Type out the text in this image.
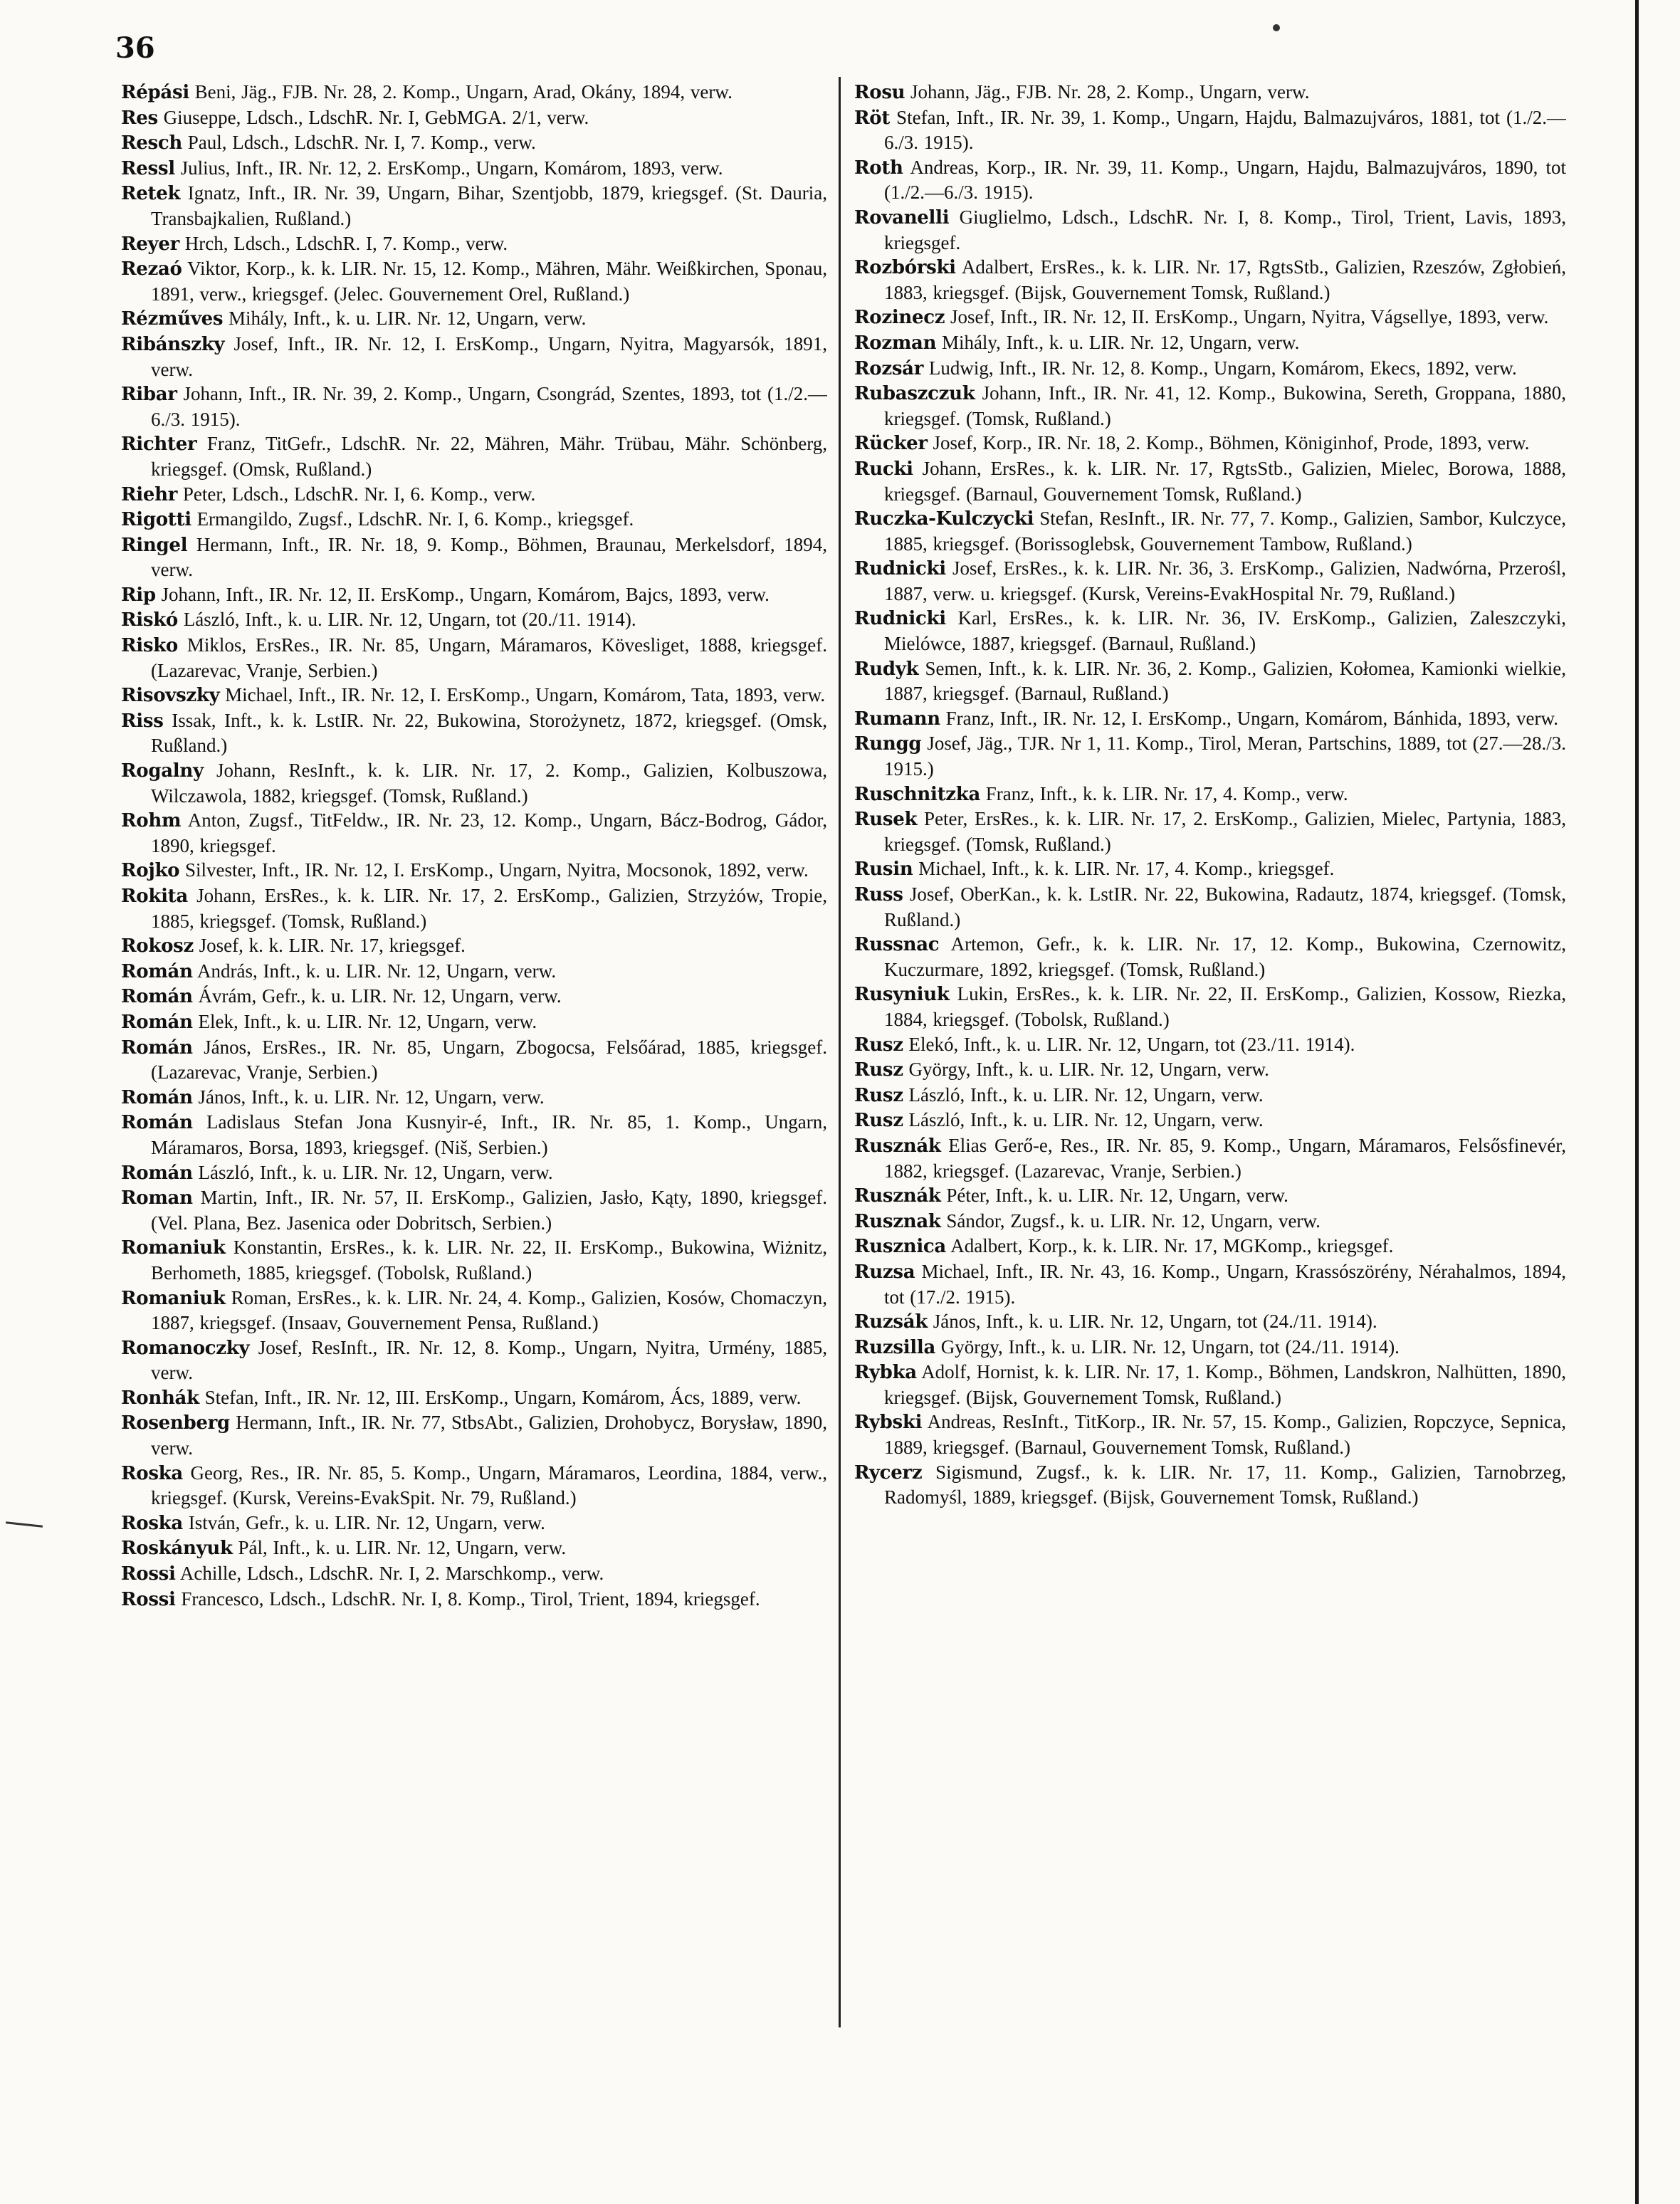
36

Répási Beni, Jäg., FJB. Nr. 28, 2. Komp., Ungarn, Arad, Okány, 1894, verw.

Res Giuseppe, Ldsch., LdschR. Nr. I, GebMGA. 2/1, verw.

Resch Paul, Ldsch., LdschR. Nr. I, 7. Komp., verw.

Ressl Julius, Inft., IR. Nr. 12, 2. ErsKomp., Ungarn, Komárom, 1893, verw.

Retek Ignatz, Inft., IR. Nr. 39, Ungarn, Bihar, Szentjobb, 1879, kriegsgef. (St. Dauria, Transbajkalien, Rußland.)

Reyer Hrch, Ldsch., LdschR. I, 7. Komp., verw.

Rezaó Viktor, Korp., k. k. LIR. Nr. 15, 12. Komp., Mähren, Mähr. Weißkirchen, Sponau, 1891, verw., kriegsgef. (Jelec. Gouvernement Orel, Rußland.)

Rézműves Mihály, Inft., k. u. LIR. Nr. 12, Ungarn, verw.

Ribánszky Josef, Inft., IR. Nr. 12, I. ErsKomp., Ungarn, Nyitra, Magyarsók, 1891, verw.

Ribar Johann, Inft., IR. Nr. 39, 2. Komp., Ungarn, Csongrád, Szentes, 1893, tot (1./2.—6./3. 1915).

Richter Franz, TitGefr., LdschR. Nr. 22, Mähren, Mähr. Trübau, Mähr. Schönberg, kriegsgef. (Omsk, Rußland.)

Riehr Peter, Ldsch., LdschR. Nr. I, 6. Komp., verw.

Rigotti Ermangildo, Zugsf., LdschR. Nr. I, 6. Komp., kriegsgef.

Ringel Hermann, Inft., IR. Nr. 18, 9. Komp., Böhmen, Braunau, Merkelsdorf, 1894, verw.

Rip Johann, Inft., IR. Nr. 12, II. ErsKomp., Ungarn, Komárom, Bajcs, 1893, verw.

Riskó László, Inft., k. u. LIR. Nr. 12, Ungarn, tot (20./11. 1914).

Risko Miklos, ErsRes., IR. Nr. 85, Ungarn, Máramaros, Kövesliget, 1888, kriegsgef. (Lazarevac, Vranje, Serbien.)

Risovszky Michael, Inft., IR. Nr. 12, I. ErsKomp., Ungarn, Komárom, Tata, 1893, verw.

Riss Issak, Inft., k. k. LstIR. Nr. 22, Bukowina, Storożynetz, 1872, kriegsgef. (Omsk, Rußland.)

Rogalny Johann, ResInft., k. k. LIR. Nr. 17, 2. Komp., Galizien, Kolbuszowa, Wilczawola, 1882, kriegsgef. (Tomsk, Rußland.)

Rohm Anton, Zugsf., TitFeldw., IR. Nr. 23, 12. Komp., Ungarn, Bácz-Bodrog, Gádor, 1890, kriegsgef.

Rojko Silvester, Inft., IR. Nr. 12, I. ErsKomp., Ungarn, Nyitra, Mocsonok, 1892, verw.

Rokita Johann, ErsRes., k. k. LIR. Nr. 17, 2. ErsKomp., Galizien, Strzyżów, Tropie, 1885, kriegsgef. (Tomsk, Rußland.)

Rokosz Josef, k. k. LIR. Nr. 17, kriegsgef.

Román András, Inft., k. u. LIR. Nr. 12, Ungarn, verw.

Román Ávrám, Gefr., k. u. LIR. Nr. 12, Ungarn, verw.

Román Elek, Inft., k. u. LIR. Nr. 12, Ungarn, verw.

Román János, ErsRes., IR. Nr. 85, Ungarn, Zbogocsa, Felsőárad, 1885, kriegsgef. (Lazarevac, Vranje, Serbien.)

Román János, Inft., k. u. LIR. Nr. 12, Ungarn, verw.

Román Ladislaus Stefan Jona Kusnyir-é, Inft., IR. Nr. 85, 1. Komp., Ungarn, Máramaros, Borsa, 1893, kriegsgef. (Niš, Serbien.)

Román László, Inft., k. u. LIR. Nr. 12, Ungarn, verw.

Roman Martin, Inft., IR. Nr. 57, II. ErsKomp., Galizien, Jasło, Kąty, 1890, kriegsgef. (Vel. Plana, Bez. Jasenica oder Dobritsch, Serbien.)

Romaniuk Konstantin, ErsRes., k. k. LIR. Nr. 22, II. ErsKomp., Bukowina, Wiżnitz, Berhometh, 1885, kriegsgef. (Tobolsk, Rußland.)

Romaniuk Roman, ErsRes., k. k. LIR. Nr. 24, 4. Komp., Galizien, Kosów, Chomaczyn, 1887, kriegsgef. (Insaav, Gouvernement Pensa, Rußland.)

Romanoczky Josef, ResInft., IR. Nr. 12, 8. Komp., Ungarn, Nyitra, Urmény, 1885, verw.

Ronhák Stefan, Inft., IR. Nr. 12, III. ErsKomp., Ungarn, Komárom, Ács, 1889, verw.

Rosenberg Hermann, Inft., IR. Nr. 77, StbsAbt., Galizien, Drohobycz, Borysław, 1890, verw.

Roska Georg, Res., IR. Nr. 85, 5. Komp., Ungarn, Máramaros, Leordina, 1884, verw., kriegsgef. (Kursk, Vereins-EvakSpit. Nr. 79, Rußland.)

Roska István, Gefr., k. u. LIR. Nr. 12, Ungarn, verw.

Roskányuk Pál, Inft., k. u. LIR. Nr. 12, Ungarn, verw.

Rossi Achille, Ldsch., LdschR. Nr. I, 2. Marschkomp., verw.

Rossi Francesco, Ldsch., LdschR. Nr. I, 8. Komp., Tirol, Trient, 1894, kriegsgef.

Rosu Johann, Jäg., FJB. Nr. 28, 2. Komp., Ungarn, verw.

Röt Stefan, Inft., IR. Nr. 39, 1. Komp., Ungarn, Hajdu, Balmazujváros, 1881, tot (1./2.—6./3. 1915).

Roth Andreas, Korp., IR. Nr. 39, 11. Komp., Ungarn, Hajdu, Balmazujváros, 1890, tot (1./2.—6./3. 1915).

Rovanelli Giuglielmo, Ldsch., LdschR. Nr. I, 8. Komp., Tirol, Trient, Lavis, 1893, kriegsgef.

Rozbórski Adalbert, ErsRes., k. k. LIR. Nr. 17, RgtsStb., Galizien, Rzeszów, Zgłobień, 1883, kriegsgef. (Bijsk, Gouvernement Tomsk, Rußland.)

Rozinecz Josef, Inft., IR. Nr. 12, II. ErsKomp., Ungarn, Nyitra, Vágsellye, 1893, verw.

Rozman Mihály, Inft., k. u. LIR. Nr. 12, Ungarn, verw.

Rozsár Ludwig, Inft., IR. Nr. 12, 8. Komp., Ungarn, Komárom, Ekecs, 1892, verw.

Rubaszczuk Johann, Inft., IR. Nr. 41, 12. Komp., Bukowina, Sereth, Groppana, 1880, kriegsgef. (Tomsk, Rußland.)

Rücker Josef, Korp., IR. Nr. 18, 2. Komp., Böhmen, Königinhof, Prode, 1893, verw.

Rucki Johann, ErsRes., k. k. LIR. Nr. 17, RgtsStb., Galizien, Mielec, Borowa, 1888, kriegsgef. (Barnaul, Gouvernement Tomsk, Rußland.)

Ruczka-Kulczycki Stefan, ResInft., IR. Nr. 77, 7. Komp., Galizien, Sambor, Kulczyce, 1885, kriegsgef. (Borissoglebsk, Gouvernement Tambow, Rußland.)

Rudnicki Josef, ErsRes., k. k. LIR. Nr. 36, 3. ErsKomp., Galizien, Nadwórna, Przerośl, 1887, verw. u. kriegsgef. (Kursk, Vereins-EvakHospital Nr. 79, Rußland.)

Rudnicki Karl, ErsRes., k. k. LIR. Nr. 36, IV. ErsKomp., Galizien, Zaleszczyki, Mielówce, 1887, kriegsgef. (Barnaul, Rußland.)

Rudyk Semen, Inft., k. k. LIR. Nr. 36, 2. Komp., Galizien, Kołomea, Kamionki wielkie, 1887, kriegsgef. (Barnaul, Rußland.)

Rumann Franz, Inft., IR. Nr. 12, I. ErsKomp., Ungarn, Komárom, Bánhida, 1893, verw.

Rungg Josef, Jäg., TJR. Nr 1, 11. Komp., Tirol, Meran, Partschins, 1889, tot (27.—28./3. 1915.)

Ruschnitzka Franz, Inft., k. k. LIR. Nr. 17, 4. Komp., verw.

Rusek Peter, ErsRes., k. k. LIR. Nr. 17, 2. ErsKomp., Galizien, Mielec, Partynia, 1883, kriegsgef. (Tomsk, Rußland.)

Rusin Michael, Inft., k. k. LIR. Nr. 17, 4. Komp., kriegsgef.

Russ Josef, OberKan., k. k. LstIR. Nr. 22, Bukowina, Radautz, 1874, kriegsgef. (Tomsk, Rußland.)

Russnac Artemon, Gefr., k. k. LIR. Nr. 17, 12. Komp., Bukowina, Czernowitz, Kuczurmare, 1892, kriegsgef. (Tomsk, Rußland.)

Rusyniuk Lukin, ErsRes., k. k. LIR. Nr. 22, II. ErsKomp., Galizien, Kossow, Riezka, 1884, kriegsgef. (Tobolsk, Rußland.)

Rusz Elekó, Inft., k. u. LIR. Nr. 12, Ungarn, tot (23./11. 1914).

Rusz György, Inft., k. u. LIR. Nr. 12, Ungarn, verw.

Rusz László, Inft., k. u. LIR. Nr. 12, Ungarn, verw.

Rusz László, Inft., k. u. LIR. Nr. 12, Ungarn, verw.

Rusznák Elias Gerő-e, Res., IR. Nr. 85, 9. Komp., Ungarn, Máramaros, Felsősfinevér, 1882, kriegsgef. (Lazarevac, Vranje, Serbien.)

Rusznák Péter, Inft., k. u. LIR. Nr. 12, Ungarn, verw.

Rusznak Sándor, Zugsf., k. u. LIR. Nr. 12, Ungarn, verw.

Rusznica Adalbert, Korp., k. k. LIR. Nr. 17, MGKomp., kriegsgef.

Ruzsa Michael, Inft., IR. Nr. 43, 16. Komp., Ungarn, Krassószörény, Nérahalmos, 1894, tot (17./2. 1915).

Ruzsák János, Inft., k. u. LIR. Nr. 12, Ungarn, tot (24./11. 1914).

Ruzsilla György, Inft., k. u. LIR. Nr. 12, Ungarn, tot (24./11. 1914).

Rybka Adolf, Hornist, k. k. LIR. Nr. 17, 1. Komp., Böhmen, Landskron, Nalhütten, 1890, kriegsgef. (Bijsk, Gouvernement Tomsk, Rußland.)

Rybski Andreas, ResInft., TitKorp., IR. Nr. 57, 15. Komp., Galizien, Ropczyce, Sepnica, 1889, kriegsgef. (Barnaul, Gouvernement Tomsk, Rußland.)

Rycerz Sigismund, Zugsf., k. k. LIR. Nr. 17, 11. Komp., Galizien, Tarnobrzeg, Radomyśl, 1889, kriegsgef. (Bijsk, Gouvernement Tomsk, Rußland.)
